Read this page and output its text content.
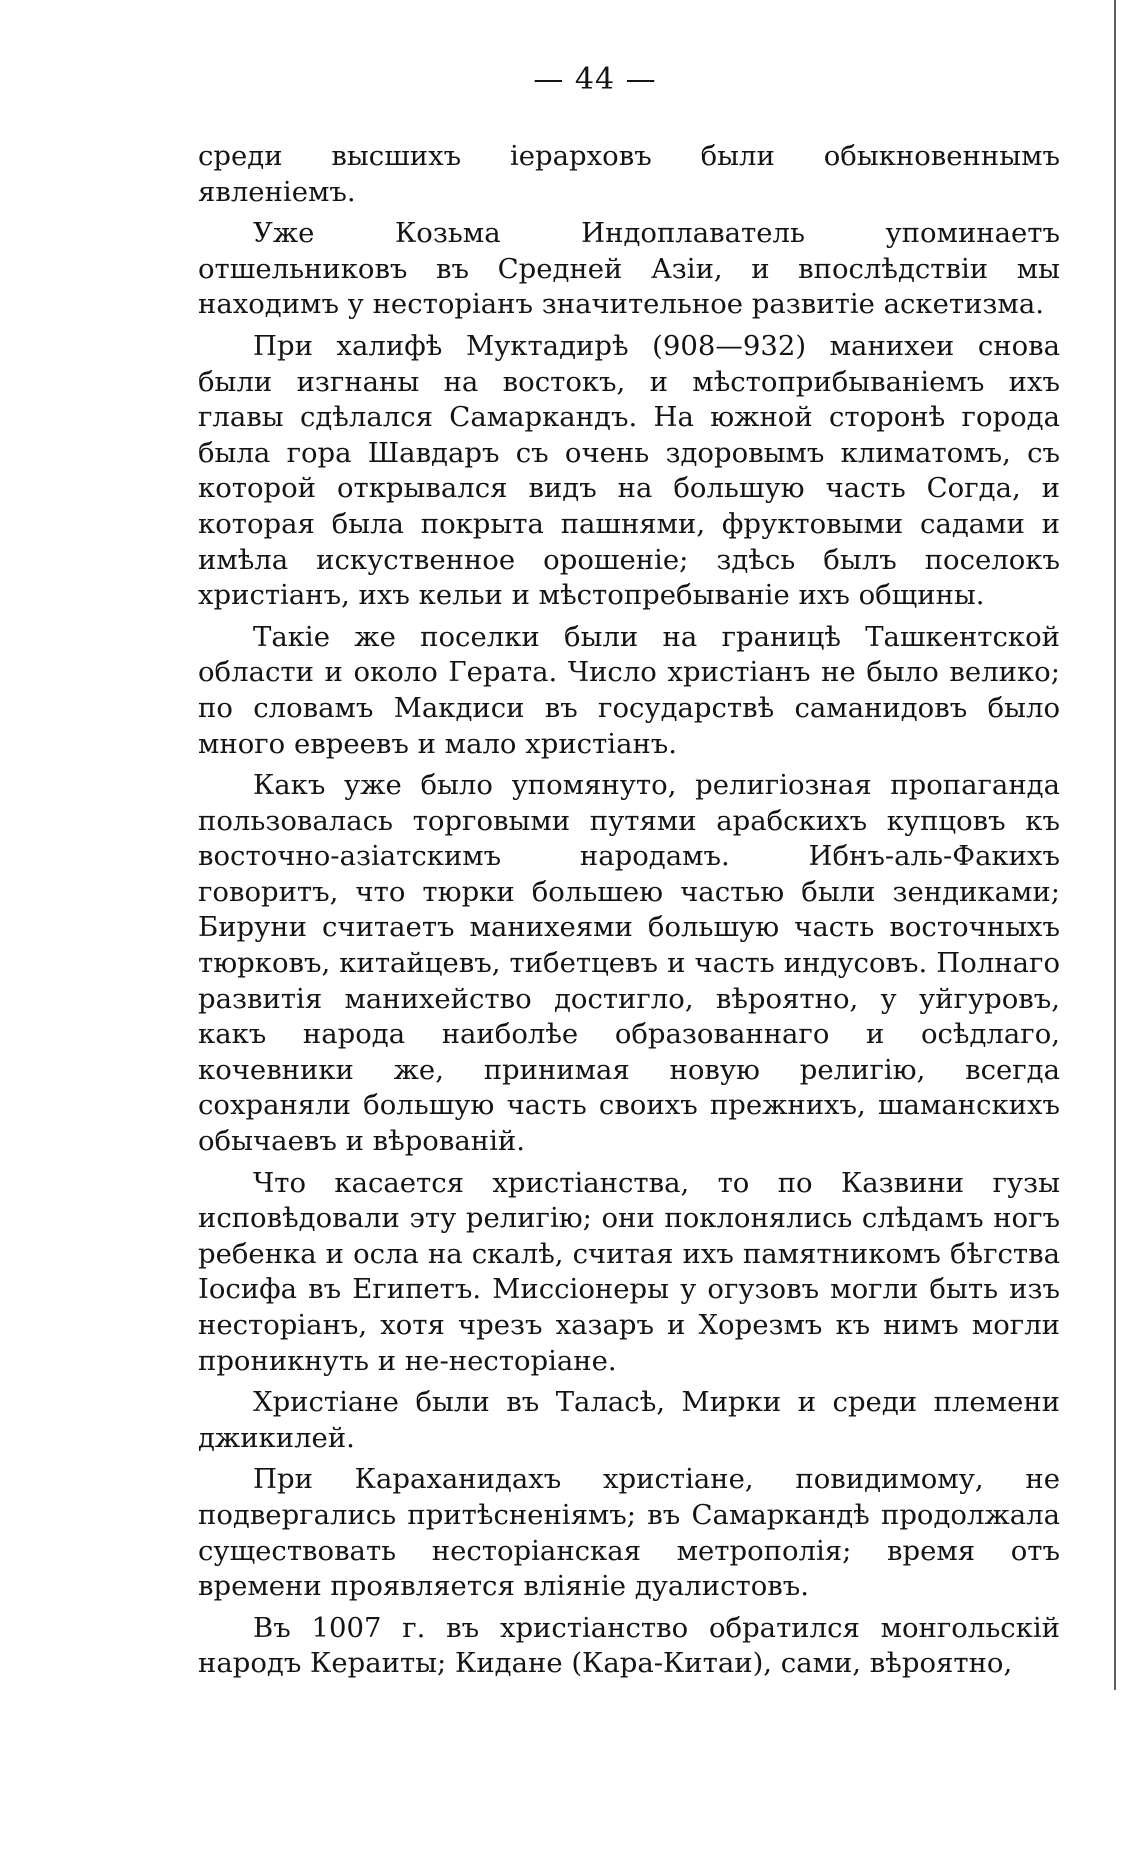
— 44 —

среди высшихъ іерарховъ были обыкновеннымъ явленіемъ.

Уже Козьма Индоплаватель упоминаетъ отшельниковъ въ Средней Азіи, и впослѣдствіи мы находимъ у несторіанъ значительное развитіе аскетизма.

При халифѣ Муктадирѣ (908—932) манихеи снова были изгнаны на востокъ, и мѣстоприбываніемъ ихъ главы сдѣлался Самаркандъ. На южной сторонѣ города была гора Шавдаръ съ очень здоровымъ климатомъ, съ которой открывался видъ на большую часть Согда, и которая была покрыта пашнями, фруктовыми садами и имѣла искуственное орошеніе; здѣсь былъ поселокъ христіанъ, ихъ кельи и мѣстопребываніе ихъ общины.

Такіе же поселки были на границѣ Ташкентской области и около Герата. Число христіанъ не было велико; по словамъ Макдиси въ государствѣ саманидовъ было много евреевъ и мало христіанъ.

Какъ уже было упомянуто, религіозная пропаганда пользовалась торговыми путями арабскихъ купцовъ къ восточно-азіатскимъ народамъ. Ибнъ-аль-Факихъ говоритъ, что тюрки большею частью были зендиками; Бируни считаетъ манихеями большую часть восточныхъ тюрковъ, китайцевъ, тибетцевъ и часть индусовъ. Полнаго развитія манихейство достигло, вѣроятно, у уйгуровъ, какъ народа наиболѣе образованнаго и осѣдлаго, кочевники же, принимая новую религію, всегда сохраняли большую часть своихъ прежнихъ, шаманскихъ обычаевъ и вѣрованій.

Что касается христіанства, то по Казвини гузы исповѣдовали эту религію; они поклонялись слѣдамъ ногъ ребенка и осла на скалѣ, считая ихъ памятникомъ бѣгства Іосифа въ Египетъ. Миссіонеры у огузовъ могли быть изъ несторіанъ, хотя чрезъ хазаръ и Хорезмъ къ нимъ могли проникнуть и не-несторіане.

Христіане были въ Таласѣ, Мирки и среди племени джикилей.

При Караханидахъ христіане, повидимому, не подвергались притѣсненіямъ; въ Самаркандѣ продолжала существовать несторіанская метрополія; время отъ времени проявляется вліяніе дуалистовъ.

Въ 1007 г. въ христіанство обратился монгольскій народъ Кераиты; Кидане (Кара-Китаи), сами, вѣроятно,
